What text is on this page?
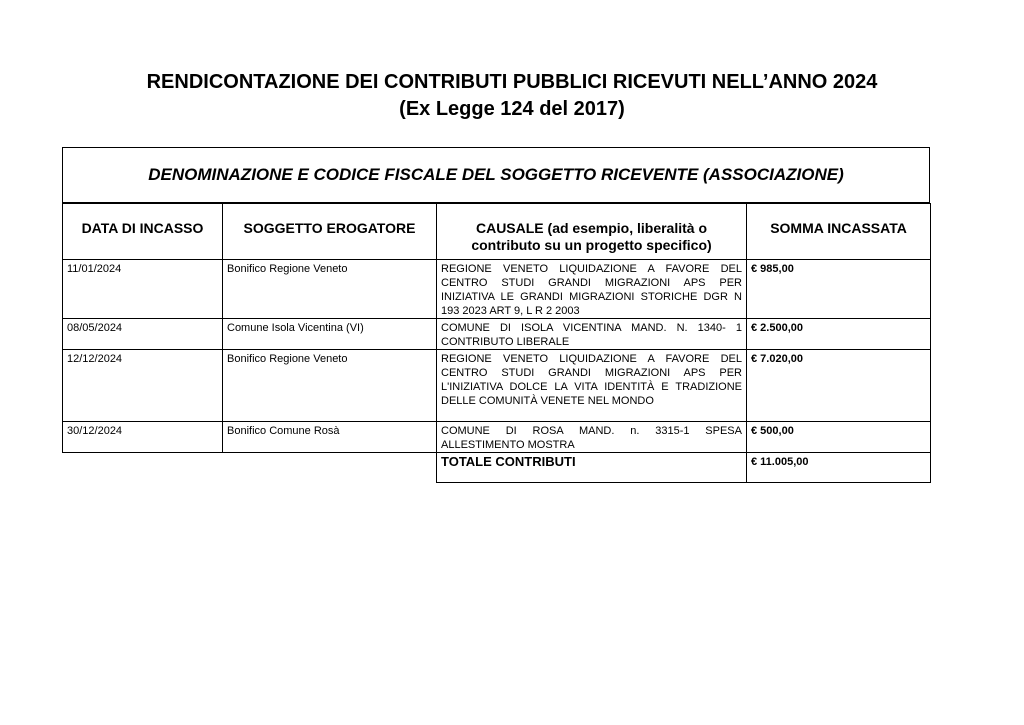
RENDICONTAZIONE DEI CONTRIBUTI PUBBLICI RICEVUTI NELL’ANNO 2024
(Ex Legge 124 del 2017)
DENOMINAZIONE E CODICE FISCALE DEL SOGGETTO RICEVENTE (ASSOCIAZIONE)
DATA DI INCASSO	SOGGETTO EROGATORE	CAUSALE (ad esempio, liberalità o contributo su un progetto specifico)	SOMMA INCASSATA
11/01/2024	Bonifico Regione Veneto	REGIONE VENETO LIQUIDAZIONE A FAVORE DEL CENTRO STUDI GRANDI MIGRAZIONI APS PER INIZIATIVA LE GRANDI MIGRAZIONI STORICHE DGR N 193 2023 ART 9, L R 2 2003	€ 985,00
08/05/2024	Comune Isola Vicentina (VI)	COMUNE DI ISOLA VICENTINA MAND. N. 1340- 1 CONTRIBUTO LIBERALE	€ 2.500,00
12/12/2024	Bonifico Regione Veneto	REGIONE VENETO LIQUIDAZIONE A FAVORE DEL CENTRO STUDI GRANDI MIGRAZIONI APS PER L'INIZIATIVA DOLCE LA VITA IDENTITÀ E TRADIZIONE DELLE COMUNITÀ VENETE NEL MONDO	€ 7.020,00
30/12/2024	Bonifico Comune Rosà	COMUNE DI ROSA MAND. n. 3315-1 SPESA ALLESTIMENTO MOSTRA	€ 500,00
		TOTALE CONTRIBUTI	€ 11.005,00
